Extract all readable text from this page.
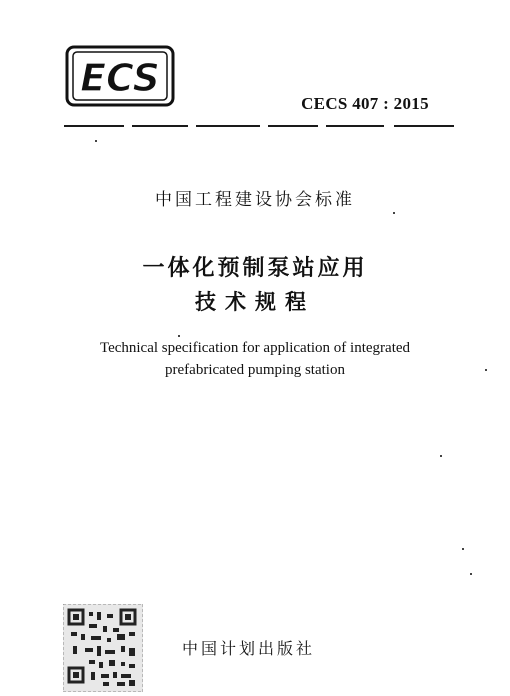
ECS
CECS 407 : 2015
中国工程建设协会标准
一体化预制泵站应用
技术规程
Technical specification for application of integrated
prefabricated pumping station
中国计划出版社
